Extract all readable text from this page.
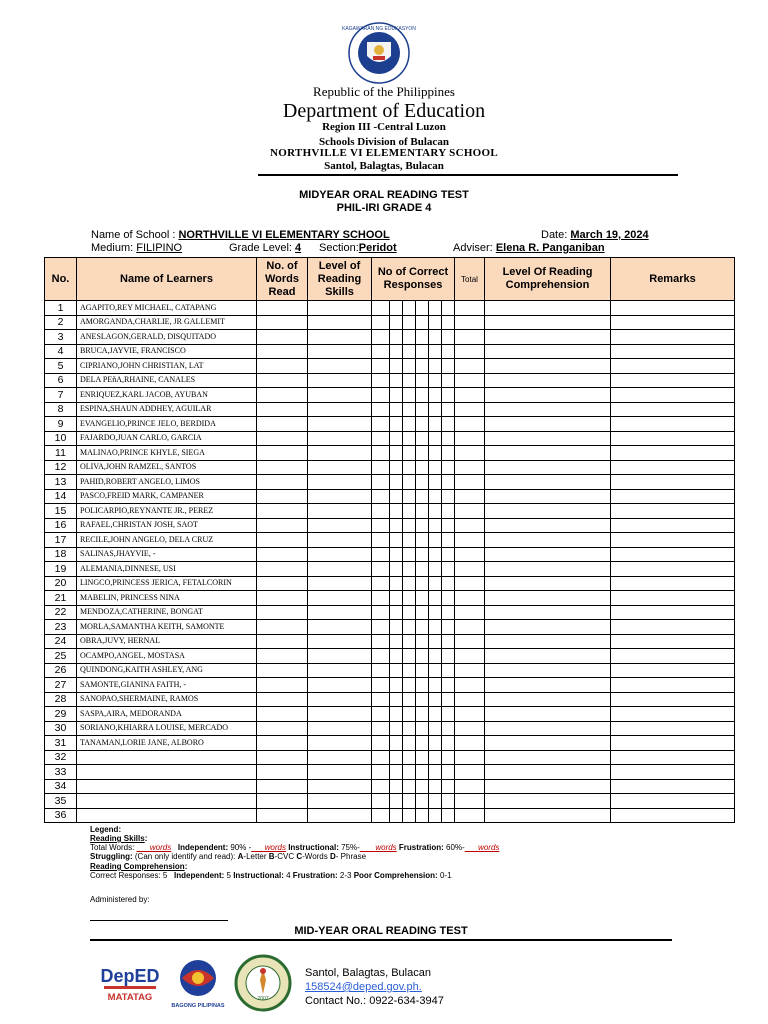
KAGAWARAN NG EDUKASYON
Republic of the Philippines
Department of Education
Region III -Central Luzon
Schools Division of Bulacan
NORTHVILLE VI ELEMENTARY SCHOOL
Santol, Balagtas, Bulacan
MIDYEAR ORAL READING TEST
PHIL-IRI GRADE 4
Name of School : NORTHVILLE VI ELEMENTARY SCHOOL	Date: March 19, 2024
Medium: FILIPINO	Grade Level: 4 Section:Peridot	Adviser: Elena R. Panganiban
No.	Name of Learners	No. of Words Read	Level of Reading Skills	No of Correct Responses						Total	Level Of Reading Comprehension	Remarks
1	AGAPITO,REY MICHAEL, CATAPANG											
2	AMORGANDA,CHARLIE, JR GALLEMIT											
3	ANESLAGON,GERALD, DISQUITADO											
4	BRUCA,JAYVIE, FRANCISCO											
5	CIPRIANO,JOHN CHRISTIAN, LAT											
6	DELA PEñA,RHAINE, CANALES											
7	ENRIQUEZ,KARL JACOB, AYUBAN											
8	ESPINA,SHAUN ADDHEY, AGUILAR											
9	EVANGELIO,PRINCE JELO, BERDIDA											
10	FAJARDO,JUAN CARLO, GARCIA											
11	MALINAO,PRINCE KHYLE, SIEGA											
12	OLIVA,JOHN RAMZEL, SANTOS											
13	PAHID,ROBERT ANGELO, LIMOS											
14	PASCO,FREID MARK, CAMPANER											
15	POLICARPIO,REYNANTE JR., PEREZ											
16	RAFAEL,CHRISTAN JOSH, SAOT											
17	RECILE,JOHN ANGELO, DELA CRUZ											
18	SALINAS,JHAYVIE, -											
19	ALEMANIA,DINNESE, USI											
20	LINGCO,PRINCESS JERICA, FETALCORIN											
21	MABELIN, PRINCESS NINA											
22	MENDOZA,CATHERINE, BONGAT											
23	MORLA,SAMANTHA KEITH, SAMONTE											
24	OBRA,JUVY, HERNAL											
25	OCAMPO,ANGEL, MOSTASA											
26	QUINDONG,KAITH ASHLEY, ANG											
27	SAMONTE,GIANINA FAITH, -											
28	SANOPAO,SHERMAINE, RAMOS											
29	SASPA,AIRA, MEDORANDA											
30	SORIANO,KHIARRA LOUISE, MERCADO											
31	TANAMAN,LORIE JANE, ALBORO											
32												
33												
34												
35												
36												
Legend:
Reading Skills:
Total Words: words Independent: 90% - words Instructional: 75%- words Frustration: 60%- words
Struggling: (Can only identify and read): A-Letter B-CVC C-Words D- Phrase
Reading Comprehension:
Correct Responses: 5 Independent: 5 Instructional: 4 Frustration: 2-3 Poor Comprehension: 0-1
Administered by:
MID-YEAR ORAL READING TEST
DepED
MATATAG
BAGONG PILIPINAS
2007
Santol, Balagtas, Bulacan
158524@deped.gov.ph.
Contact No.: 0922-634-3947
